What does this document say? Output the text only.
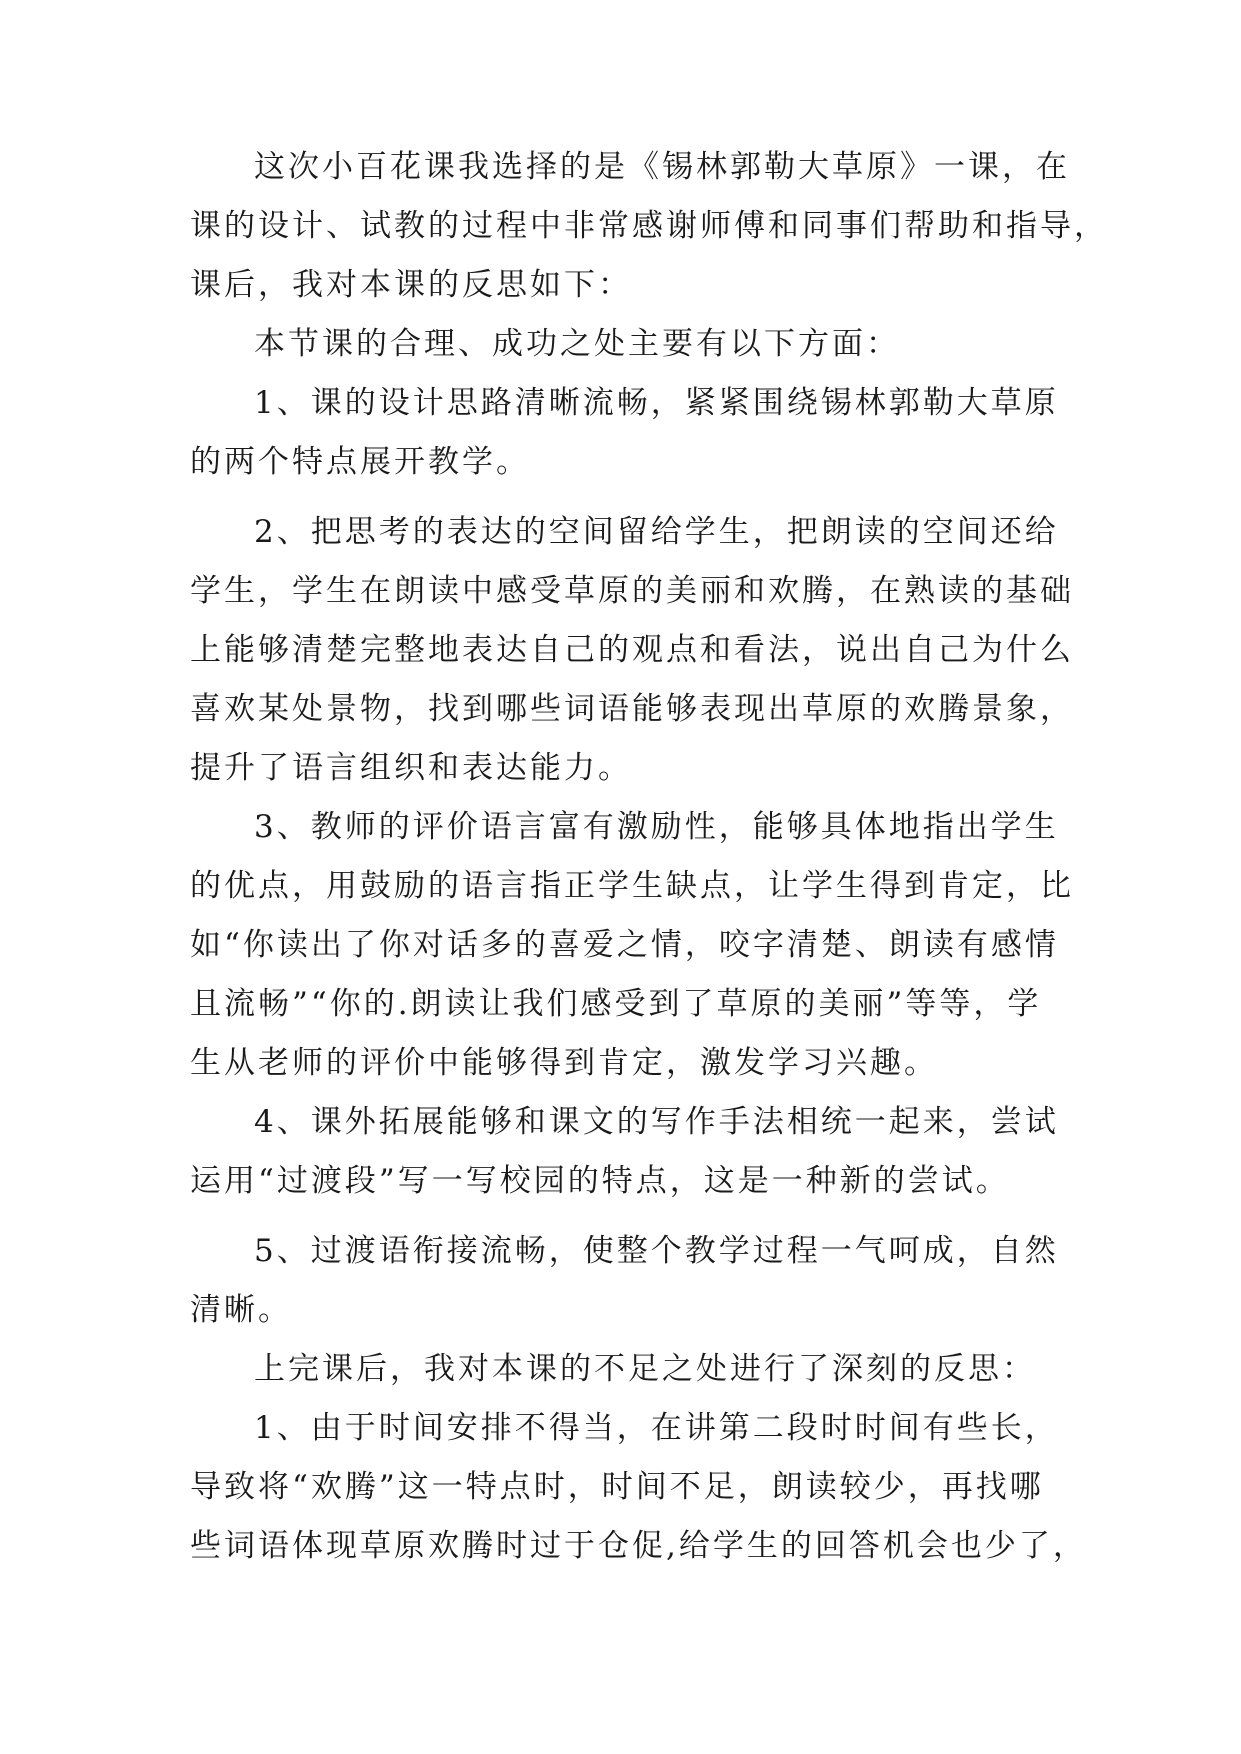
这次小百花课我选择的是《锡林郭勒大草原》一课，在
课的设计、试教的过程中非常感谢师傅和同事们帮助和指导，
课后，我对本课的反思如下：
本节课的合理、成功之处主要有以下方面：
1、课的设计思路清晰流畅，紧紧围绕锡林郭勒大草原
的两个特点展开教学。
2、把思考的表达的空间留给学生，把朗读的空间还给
学生，学生在朗读中感受草原的美丽和欢腾，在熟读的基础
上能够清楚完整地表达自己的观点和看法，说出自己为什么
喜欢某处景物，找到哪些词语能够表现出草原的欢腾景象，
提升了语言组织和表达能力。
3、教师的评价语言富有激励性，能够具体地指出学生
的优点，用鼓励的语言指正学生缺点，让学生得到肯定，比
如“你读出了你对话多的喜爱之情，咬字清楚、朗读有感情
且流畅”“你的.朗读让我们感受到了草原的美丽”等等，学
生从老师的评价中能够得到肯定，激发学习兴趣。
4、课外拓展能够和课文的写作手法相统一起来，尝试
运用“过渡段”写一写校园的特点，这是一种新的尝试。
5、过渡语衔接流畅，使整个教学过程一气呵成，自然
清晰。
上完课后，我对本课的不足之处进行了深刻的反思：
1、由于时间安排不得当，在讲第二段时时间有些长，
导致将“欢腾”这一特点时，时间不足，朗读较少，再找哪
些词语体现草原欢腾时过于仓促,给学生的回答机会也少了，
